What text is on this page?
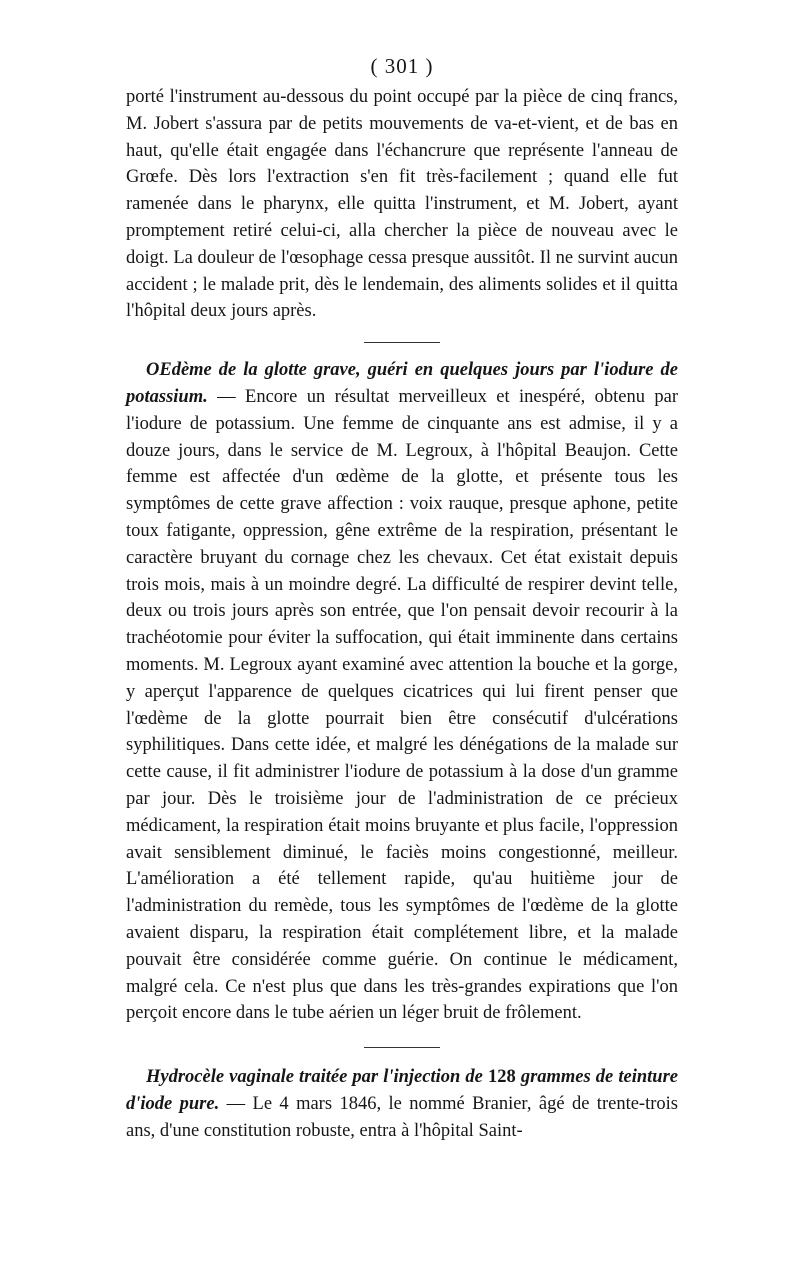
( 301 )

porté l'instrument au-dessous du point occupé par la pièce de cinq francs, M. Jobert s'assura par de petits mouvements de va-et-vient, et de bas en haut, qu'elle était engagée dans l'échancrure que représente l'anneau de Grœfe. Dès lors l'extraction s'en fit très-facilement ; quand elle fut ramenée dans le pharynx, elle quitta l'instrument, et M. Jobert, ayant promptement retiré celui-ci, alla chercher la pièce de nouveau avec le doigt. La douleur de l'œsophage cessa presque aussitôt. Il ne survint aucun accident ; le malade prit, dès le lendemain, des aliments solides et il quitta l'hôpital deux jours après.

OEdème de la glotte grave, guéri en quelques jours par l'iodure de potassium. — Encore un résultat merveilleux et inespéré, obtenu par l'iodure de potassium. Une femme de cinquante ans est admise, il y a douze jours, dans le service de M. Legroux, à l'hôpital Beaujon. Cette femme est affectée d'un œdème de la glotte, et présente tous les symptômes de cette grave affection : voix rauque, presque aphone, petite toux fatigante, oppression, gêne extrême de la respiration, présentant le caractère bruyant du cornage chez les chevaux. Cet état existait depuis trois mois, mais à un moindre degré. La difficulté de respirer devint telle, deux ou trois jours après son entrée, que l'on pensait devoir recourir à la trachéotomie pour éviter la suffocation, qui était imminente dans certains moments. M. Legroux ayant examiné avec attention la bouche et la gorge, y aperçut l'apparence de quelques cicatrices qui lui firent penser que l'œdème de la glotte pourrait bien être consécutif d'ulcérations syphilitiques. Dans cette idée, et malgré les dénégations de la malade sur cette cause, il fit administrer l'iodure de potassium à la dose d'un gramme par jour. Dès le troisième jour de l'administration de ce précieux médicament, la respiration était moins bruyante et plus facile, l'oppression avait sensiblement diminué, le faciès moins congestionné, meilleur. L'amélioration a été tellement rapide, qu'au huitième jour de l'administration du remède, tous les symptômes de l'œdème de la glotte avaient disparu, la respiration était complétement libre, et la malade pouvait être considérée comme guérie. On continue le médicament, malgré cela. Ce n'est plus que dans les très-grandes expirations que l'on perçoit encore dans le tube aérien un léger bruit de frôlement.

Hydrocèle vaginale traitée par l'injection de 128 grammes de teinture d'iode pure. — Le 4 mars 1846, le nommé Branier, âgé de trente-trois ans, d'une constitution robuste, entra à l'hôpital Saint-
